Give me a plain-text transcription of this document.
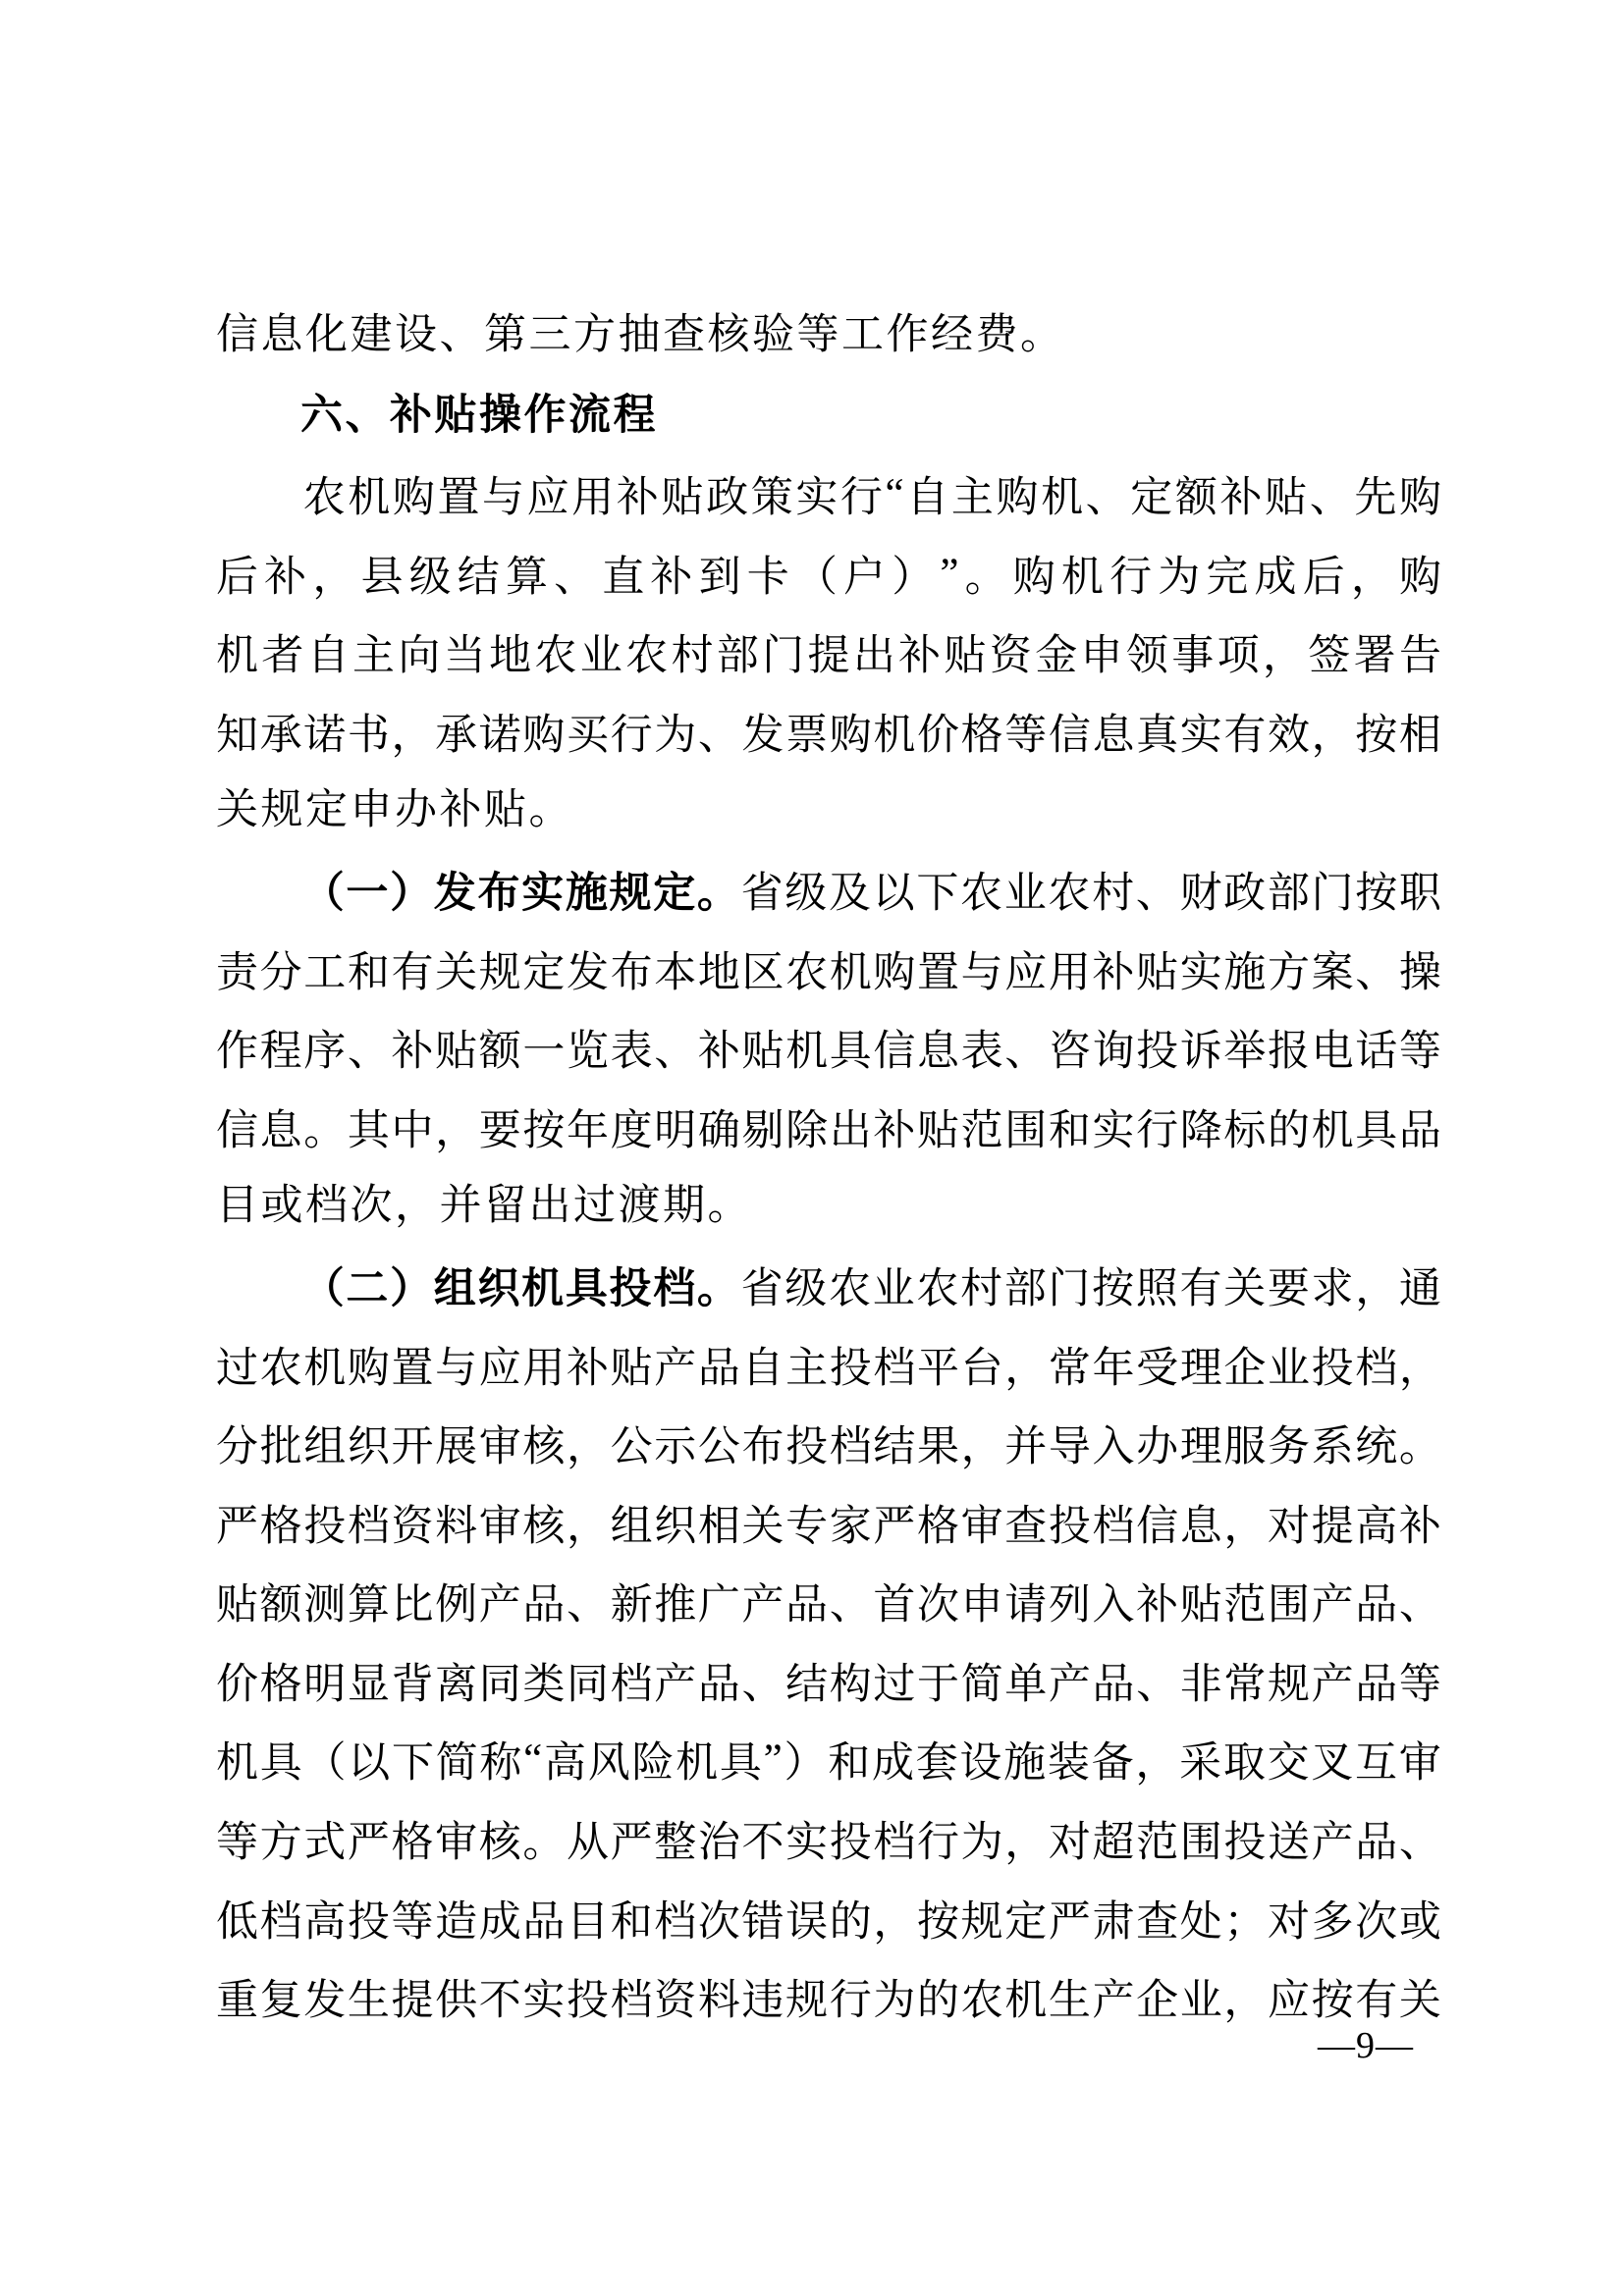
信息化建设、第三方抽查核验等工作经费。
六、补贴操作流程
农 机 购 置 与 应 用 补 贴 政 策 实 行 “ 自 主 购 机 、 定 额 补 贴 、 先 购
后 补 ， 县 级 结 算 、 直 补 到 卡 （ 户 ） ” 。 购 机 行 为 完 成 后 ， 购
机 者 自 主 向 当 地 农 业 农 村 部 门 提 出 补 贴 资 金 申 领 事 项 ， 签 署 告
知 承 诺 书 ， 承 诺 购 买 行 为 、 发 票 购 机 价 格 等 信 息 真 实 有 效 ， 按 相
关规定申办补贴。
（ 一 ） 发 布 实 施 规 定 。 省 级 及 以 下 农 业 农 村 、 财 政 部 门 按 职
责 分 工 和 有 关 规 定 发 布 本 地 区 农 机 购 置 与 应 用 补 贴 实 施 方 案 、 操
作 程 序 、 补 贴 额 一 览 表 、 补 贴 机 具 信 息 表 、 咨 询 投 诉 举 报 电 话 等
信 息 。 其 中 ， 要 按 年 度 明 确 剔 除 出 补 贴 范 围 和 实 行 降 标 的 机 具 品
目或档次，并留出过渡期。
（ 二 ） 组 织 机 具 投 档 。 省 级 农 业 农 村 部 门 按 照 有 关 要 求 ， 通
过 农 机 购 置 与 应 用 补 贴 产 品 自 主 投 档 平 台 ， 常 年 受 理 企 业 投 档 ，
分 批 组 织 开 展 审 核 ， 公 示 公 布 投 档 结 果 ， 并 导 入 办 理 服 务 系 统 。
严 格 投 档 资 料 审 核 ， 组 织 相 关 专 家 严 格 审 查 投 档 信 息 ， 对 提 高 补
贴 额 测 算 比 例 产 品 、 新 推 广 产 品 、 首 次 申 请 列 入 补 贴 范 围 产 品 、
价 格 明 显 背 离 同 类 同 档 产 品 、 结 构 过 于 简 单 产 品 、 非 常 规 产 品 等
机 具 （ 以 下 简 称 “ 高 风 险 机 具 ” ） 和 成 套 设 施 装 备 ， 采 取 交 叉 互 审
等 方 式 严 格 审 核 。 从 严 整 治 不 实 投 档 行 为 ， 对 超 范 围 投 送 产 品 、
低 档 高 投 等 造 成 品 目 和 档 次 错 误 的 ， 按 规 定 严 肃 查 处 ； 对 多 次 或
重 复 发 生 提 供 不 实 投 档 资 料 违 规 行 为 的 农 机 生 产 企 业 ， 应 按 有 关
—9—
